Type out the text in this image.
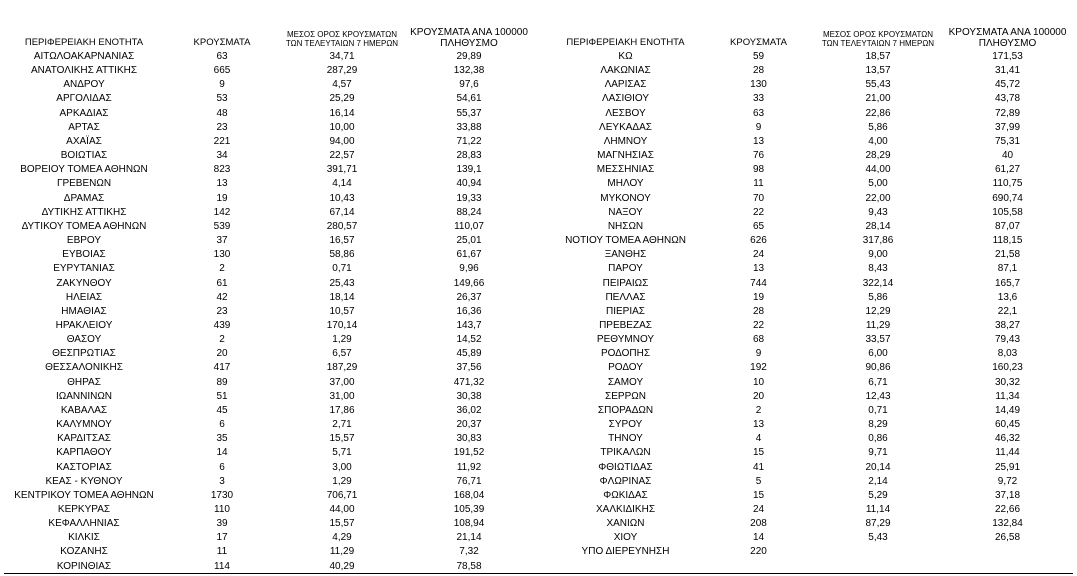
ΠΕΡΙΦΕΡΕΙΑΚΗ ΕΝΟΤΗΤΑ	ΚΡΟΥΣΜΑΤΑ	ΜΕΣΟΣ ΟΡΟΣ ΚΡΟΥΣΜΑΤΩΝ
ΤΩΝ ΤΕΛΕΥΤΑΙΩΝ 7 ΗΜΕΡΩΝ	ΚΡΟΥΣΜΑΤΑ ΑΝΑ 100000
ΠΛΗΘΥΣΜΟ
ΑΙΤΩΛΟΑΚΑΡΝΑΝΙΑΣ	63	34,71	29,89
ΑΝΑΤΟΛΙΚΗΣ ΑΤΤΙΚΗΣ	665	287,29	132,38
ΑΝΔΡΟΥ	9	4,57	97,6
ΑΡΓΟΛΙΔΑΣ	53	25,29	54,61
ΑΡΚΑΔΙΑΣ	48	16,14	55,37
ΑΡΤΑΣ	23	10,00	33,88
ΑΧΑΪΑΣ	221	94,00	71,22
ΒΟΙΩΤΙΑΣ	34	22,57	28,83
ΒΟΡΕΙΟΥ ΤΟΜΕΑ ΑΘΗΝΩΝ	823	391,71	139,1
ΓΡΕΒΕΝΩΝ	13	4,14	40,94
ΔΡΑΜΑΣ	19	10,43	19,33
ΔΥΤΙΚΗΣ ΑΤΤΙΚΗΣ	142	67,14	88,24
ΔΥΤΙΚΟΥ ΤΟΜΕΑ ΑΘΗΝΩΝ	539	280,57	110,07
ΕΒΡΟΥ	37	16,57	25,01
ΕΥΒΟΙΑΣ	130	58,86	61,67
ΕΥΡΥΤΑΝΙΑΣ	2	0,71	9,96
ΖΑΚΥΝΘΟΥ	61	25,43	149,66
ΗΛΕΙΑΣ	42	18,14	26,37
ΗΜΑΘΙΑΣ	23	10,57	16,36
ΗΡΑΚΛΕΙΟΥ	439	170,14	143,7
ΘΑΣΟΥ	2	1,29	14,52
ΘΕΣΠΡΩΤΙΑΣ	20	6,57	45,89
ΘΕΣΣΑΛΟΝΙΚΗΣ	417	187,29	37,56
ΘΗΡΑΣ	89	37,00	471,32
ΙΩΑΝΝΙΝΩΝ	51	31,00	30,38
ΚΑΒΑΛΑΣ	45	17,86	36,02
ΚΑΛΥΜΝΟΥ	6	2,71	20,37
ΚΑΡΔΙΤΣΑΣ	35	15,57	30,83
ΚΑΡΠΑΘΟΥ	14	5,71	191,52
ΚΑΣΤΟΡΙΑΣ	6	3,00	11,92
ΚΕΑΣ - ΚΥΘΝΟΥ	3	1,29	76,71
ΚΕΝΤΡΙΚΟΥ ΤΟΜΕΑ ΑΘΗΝΩΝ	1730	706,71	168,04
ΚΕΡΚΥΡΑΣ	110	44,00	105,39
ΚΕΦΑΛΛΗΝΙΑΣ	39	15,57	108,94
ΚΙΛΚΙΣ	17	4,29	21,14
ΚΟΖΑΝΗΣ	11	11,29	7,32
ΚΟΡΙΝΘΙΑΣ	114	40,29	78,58
ΠΕΡΙΦΕΡΕΙΑΚΗ ΕΝΟΤΗΤΑ	ΚΡΟΥΣΜΑΤΑ	ΜΕΣΟΣ ΟΡΟΣ ΚΡΟΥΣΜΑΤΩΝ
ΤΩΝ ΤΕΛΕΥΤΑΙΩΝ 7 ΗΜΕΡΩΝ	ΚΡΟΥΣΜΑΤΑ ΑΝΑ 100000
ΠΛΗΘΥΣΜΟ
ΚΩ	59	18,57	171,53
ΛΑΚΩΝΙΑΣ	28	13,57	31,41
ΛΑΡΙΣΑΣ	130	55,43	45,72
ΛΑΣΙΘΙΟΥ	33	21,00	43,78
ΛΕΣΒΟΥ	63	22,86	72,89
ΛΕΥΚΑΔΑΣ	9	5,86	37,99
ΛΗΜΝΟΥ	13	4,00	75,31
ΜΑΓΝΗΣΙΑΣ	76	28,29	40
ΜΕΣΣΗΝΙΑΣ	98	44,00	61,27
ΜΗΛΟΥ	11	5,00	110,75
ΜΥΚΟΝΟΥ	70	22,00	690,74
ΝΑΞΟΥ	22	9,43	105,58
ΝΗΣΩΝ	65	28,14	87,07
ΝΟΤΙΟΥ ΤΟΜΕΑ ΑΘΗΝΩΝ	626	317,86	118,15
ΞΑΝΘΗΣ	24	9,00	21,58
ΠΑΡΟΥ	13	8,43	87,1
ΠΕΙΡΑΙΩΣ	744	322,14	165,7
ΠΕΛΛΑΣ	19	5,86	13,6
ΠΙΕΡΙΑΣ	28	12,29	22,1
ΠΡΕΒΕΖΑΣ	22	11,29	38,27
ΡΕΘΥΜΝΟΥ	68	33,57	79,43
ΡΟΔΟΠΗΣ	9	6,00	8,03
ΡΟΔΟΥ	192	90,86	160,23
ΣΑΜΟΥ	10	6,71	30,32
ΣΕΡΡΩΝ	20	12,43	11,34
ΣΠΟΡΑΔΩΝ	2	0,71	14,49
ΣΥΡΟΥ	13	8,29	60,45
ΤΗΝΟΥ	4	0,86	46,32
ΤΡΙΚΑΛΩΝ	15	9,71	11,44
ΦΘΙΩΤΙΔΑΣ	41	20,14	25,91
ΦΛΩΡΙΝΑΣ	5	2,14	9,72
ΦΩΚΙΔΑΣ	15	5,29	37,18
ΧΑΛΚΙΔΙΚΗΣ	24	11,14	22,66
ΧΑΝΙΩΝ	208	87,29	132,84
ΧΙΟΥ	14	5,43	26,58
ΥΠΟ ΔΙΕΡΕΥΝΗΣΗ	220		
